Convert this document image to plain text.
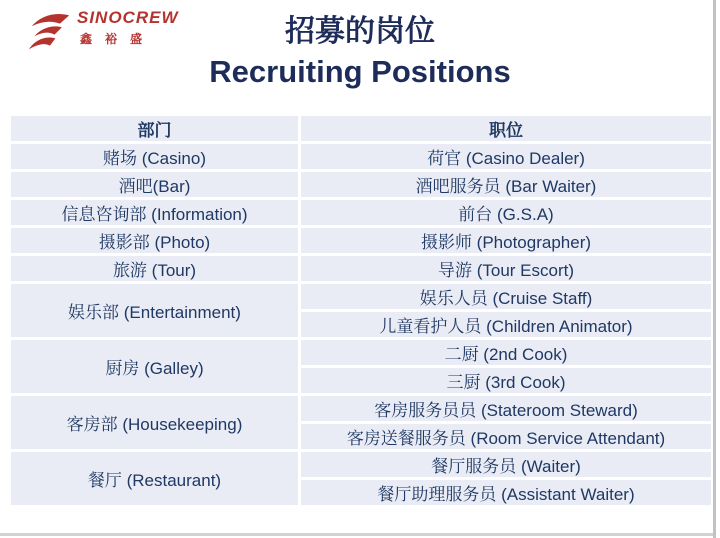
SINOCREW
鑫裕盛	招募的岗位
Recruiting Positions
部门	职位
赌场 (Casino)	荷官 (Casino Dealer)
酒吧(Bar)	酒吧服务员 (Bar Waiter)
信息咨询部 (Information)	前台 (G.S.A)
摄影部 (Photo)	摄影师 (Photographer)
旅游 (Tour)	导游 (Tour Escort)
娱乐部 (Entertainment)	娱乐人员 (Cruise Staff)
	儿童看护人员 (Children Animator)
厨房 (Galley)	二厨 (2nd Cook)
	三厨 (3rd Cook)
客房部 (Housekeeping)	客房服务员员 (Stateroom Steward)
	客房送餐服务员 (Room Service Attendant)
餐厅 (Restaurant)	餐厅服务员 (Waiter)
	餐厅助理服务员 (Assistant Waiter)
